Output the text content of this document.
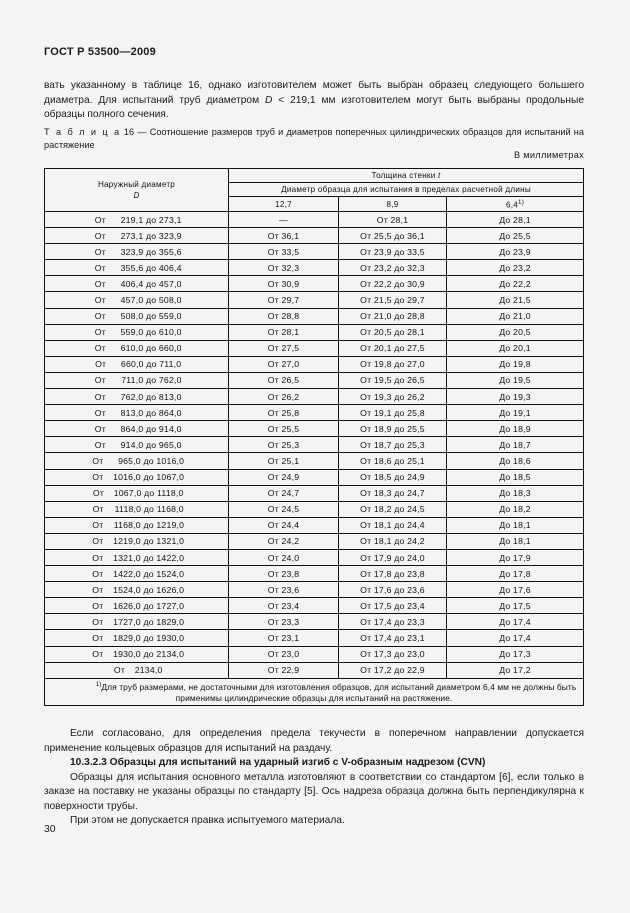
ГОСТ Р 53500—2009
вать указанному в таблице 16, однако изготовителем может быть выбран образец следующего большего диаметра. Для испытаний труб диаметром D < 219,1 мм изготовителем могут быть выбраны продольные образцы полного сечения.
Т а б л и ц а 16 — Соотношение размеров труб и диаметров поперечных цилиндрических образцов для испытаний на растяжение
В миллиметрах
Наружный диаметр
D	Толщина стенки t		
	Диаметр образца для испытания в пределах расчетной длины		
	12,7	8,9	6,4$^{1)}$
От 219,1 до 273,1	—	От 28,1	До 28,1
От 273,1 до 323,9	От 36,1	От 25,5 до 36,1	До 25,5
От 323,9 до 355,6	От 33,5	От 23,9 до 33,5	До 23,9
От 355,6 до 406,4	От 32,3	От 23,2 до 32,3	До 23,2
От 406,4 до 457,0	От 30,9	От 22,2 до 30,9	До 22,2
От 457,0 до 508,0	От 29,7	От 21,5 до 29,7	До 21,5
От 508,0 до 559,0	От 28,8	От 21,0 до 28,8	До 21,0
От 559,0 до 610,0	От 28,1	От 20,5 до 28,1	До 20,5
От 610,0 до 660,0	От 27,5	От 20,1 до 27,5	До 20,1
От 660,0 до 711,0	От 27,0	От 19,8 до 27,0	До 19,8
От 711,0 до 762,0	От 26,5	От 19,5 до 26,5	До 19,5
От 762,0 до 813,0	От 26,2	От 19,3 до 26,2	До 19,3
От 813,0 до 864,0	От 25,8	От 19,1 до 25,8	До 19,1
От 864,0 до 914,0	От 25,5	От 18,9 до 25,5	До 18,9
От 914,0 до 965,0	От 25,3	От 18,7 до 25,3	До 18,7
От 965,0 до 1016,0	От 25,1	От 18,6 до 25,1	До 18,6
От 1016,0 до 1067,0	От 24,9	От 18,5 до 24,9	До 18,5
От 1067,0 до 1118,0	От 24,7	От 18,3 до 24,7	До 18,3
От 1118,0 до 1168,0	От 24,5	От 18,2 до 24,5	До 18,2
От 1168,0 до 1219,0	От 24,4	От 18,1 до 24,4	До 18,1
От 1219,0 до 1321,0	От 24,2	От 18,1 до 24,2	До 18,1
От 1321,0 до 1422,0	От 24,0	От 17,9 до 24,0	До 17,9
От 1422,0 до 1524,0	От 23,8	От 17,8 до 23,8	До 17,8
От 1524,0 до 1626,0	От 23,6	От 17,6 до 23,6	До 17,6
От 1626,0 до 1727,0	От 23,4	От 17,5 до 23,4	До 17,5
От 1727,0 до 1829,0	От 23,3	От 17,4 до 23,3	До 17,4
От 1829,0 до 1930,0	От 23,1	От 17,4 до 23,1	До 17,4
От 1930,0 до 2134,0	От 23,0	От 17,3 до 23,0	До 17,3
От 2134,0	От 22,9	От 17,2 до 22,9	До 17,2
$^{1)}$Для труб размерами, не достаточными для изготовления образцов, для испытаний диаметром 6,4 мм не должны быть применимы цилиндрические образцы для испытаний на растяжение.			

Если согласовано, для определения предела текучести в поперечном направлении допускается применение кольцевых образцов для испытаний на раздачу.

10.3.2.3 Образцы для испытаний на ударный изгиб с V-образным надрезом (CVN)

Образцы для испытания основного металла изготовляют в соответствии со стандартом [6], если только в заказе на поставку не указаны образцы по стандарту [5]. Ось надреза образца должна быть перпендикулярна к поверхности трубы.

При этом не допускается правка испытуемого материала.

30
